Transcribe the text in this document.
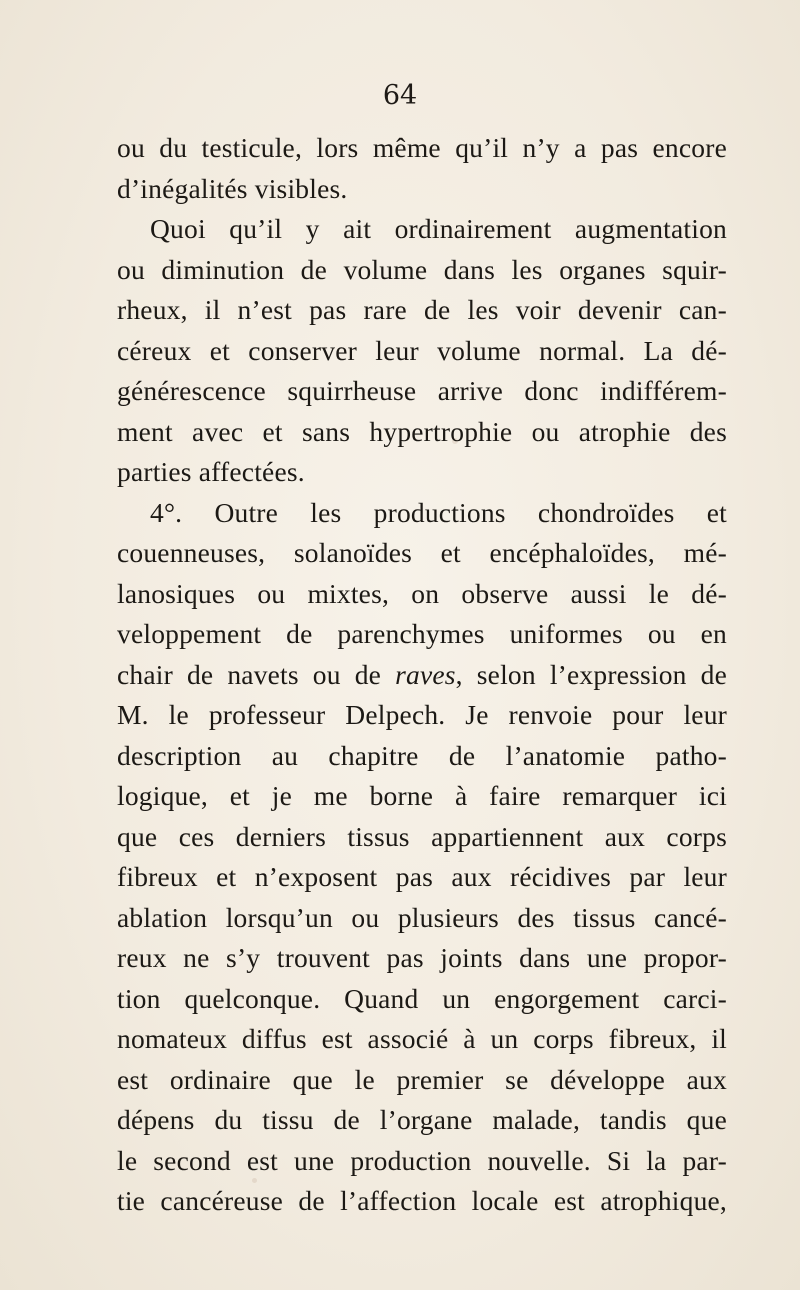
64
ou du testicule, lors même qu’il n’y a pas encore
d’inégalités visibles.
Quoi qu’il y ait ordinairement augmentation
ou diminution de volume dans les organes squir-
rheux, il n’est pas rare de les voir devenir can-
céreux et conserver leur volume normal. La dé-
générescence squirrheuse arrive donc indifférem-
ment avec et sans hypertrophie ou atrophie des
parties affectées.
4°. Outre les productions chondroïdes et
couenneuses, solanoïdes et encéphaloïdes, mé-
lanosiques ou mixtes, on observe aussi le dé-
veloppement de parenchymes uniformes ou en
chair de navets ou de raves, selon l’expression de
M. le professeur Delpech. Je renvoie pour leur
description au chapitre de l’anatomie patho-
logique, et je me borne à faire remarquer ici
que ces derniers tissus appartiennent aux corps
fibreux et n’exposent pas aux récidives par leur
ablation lorsqu’un ou plusieurs des tissus cancé-
reux ne s’y trouvent pas joints dans une propor-
tion quelconque. Quand un engorgement carci-
nomateux diffus est associé à un corps fibreux, il
est ordinaire que le premier se développe aux
dépens du tissu de l’organe malade, tandis que
le second est une production nouvelle. Si la par-
tie cancéreuse de l’affection locale est atrophique,
